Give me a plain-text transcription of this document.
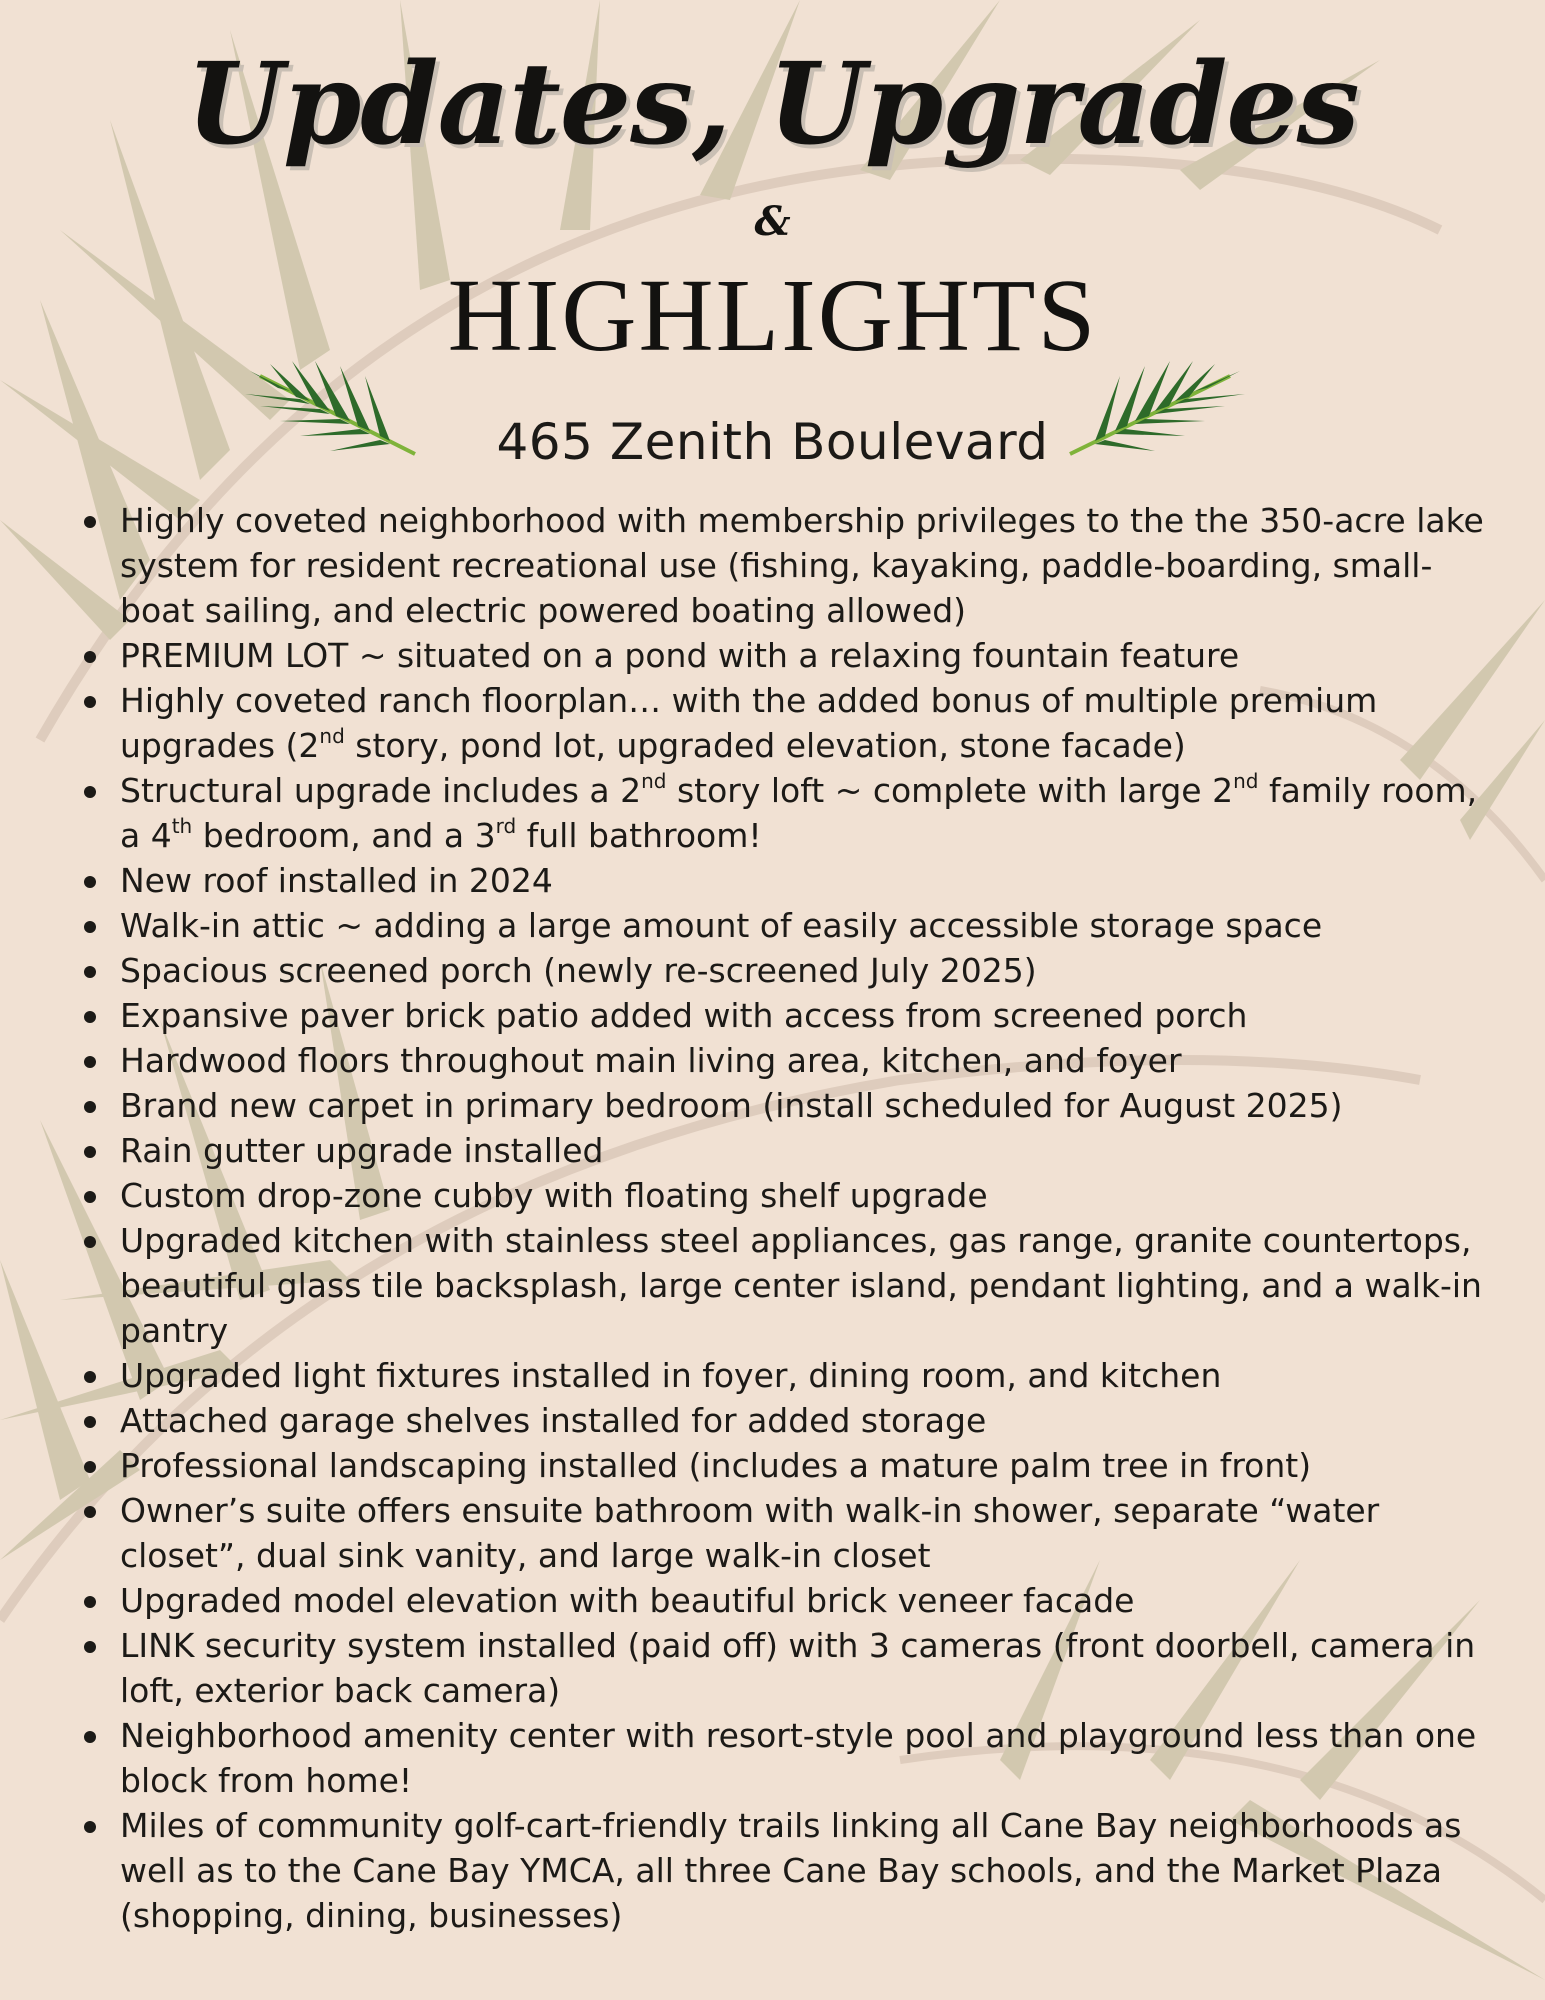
Updates, Upgrades
&
HIGHLIGHTS
465 Zenith Boulevard
Highly coveted neighborhood with membership privileges to the the 350-acre lake system for resident recreational use (fishing, kayaking, paddle-boarding, small-boat sailing, and electric powered boating allowed)
PREMIUM LOT ~ situated on a pond with a relaxing fountain feature
Highly coveted ranch floorplan… with the added bonus of multiple premium upgrades (2nd story, pond lot, upgraded elevation, stone facade)
Structural upgrade includes a 2nd story loft ~ complete with large 2nd family room, a 4th bedroom, and a 3rd full bathroom!
New roof installed in 2024
Walk-in attic ~ adding a large amount of easily accessible storage space
Spacious screened porch (newly re-screened July 2025)
Expansive paver brick patio added with access from screened porch
Hardwood floors throughout main living area, kitchen, and foyer
Brand new carpet in primary bedroom (install scheduled for August 2025)
Rain gutter upgrade installed
Custom drop-zone cubby with floating shelf upgrade
Upgraded kitchen with stainless steel appliances, gas range, granite countertops, beautiful glass tile backsplash, large center island, pendant lighting, and a walk-in pantry
Upgraded light fixtures installed in foyer, dining room, and kitchen
Attached garage shelves installed for added storage
Professional landscaping installed (includes a mature palm tree in front)
Owner’s suite offers ensuite bathroom with walk-in shower, separate “water closet”, dual sink vanity, and large walk-in closet
Upgraded model elevation with beautiful brick veneer facade
LINK security system installed (paid off) with 3 cameras (front doorbell, camera in loft, exterior back camera)
Neighborhood amenity center with resort-style pool and playground less than one block from home!
Miles of community golf-cart-friendly trails linking all Cane Bay neighborhoods as well as to the Cane Bay YMCA, all three Cane Bay schools, and the Market Plaza (shopping, dining, businesses)
